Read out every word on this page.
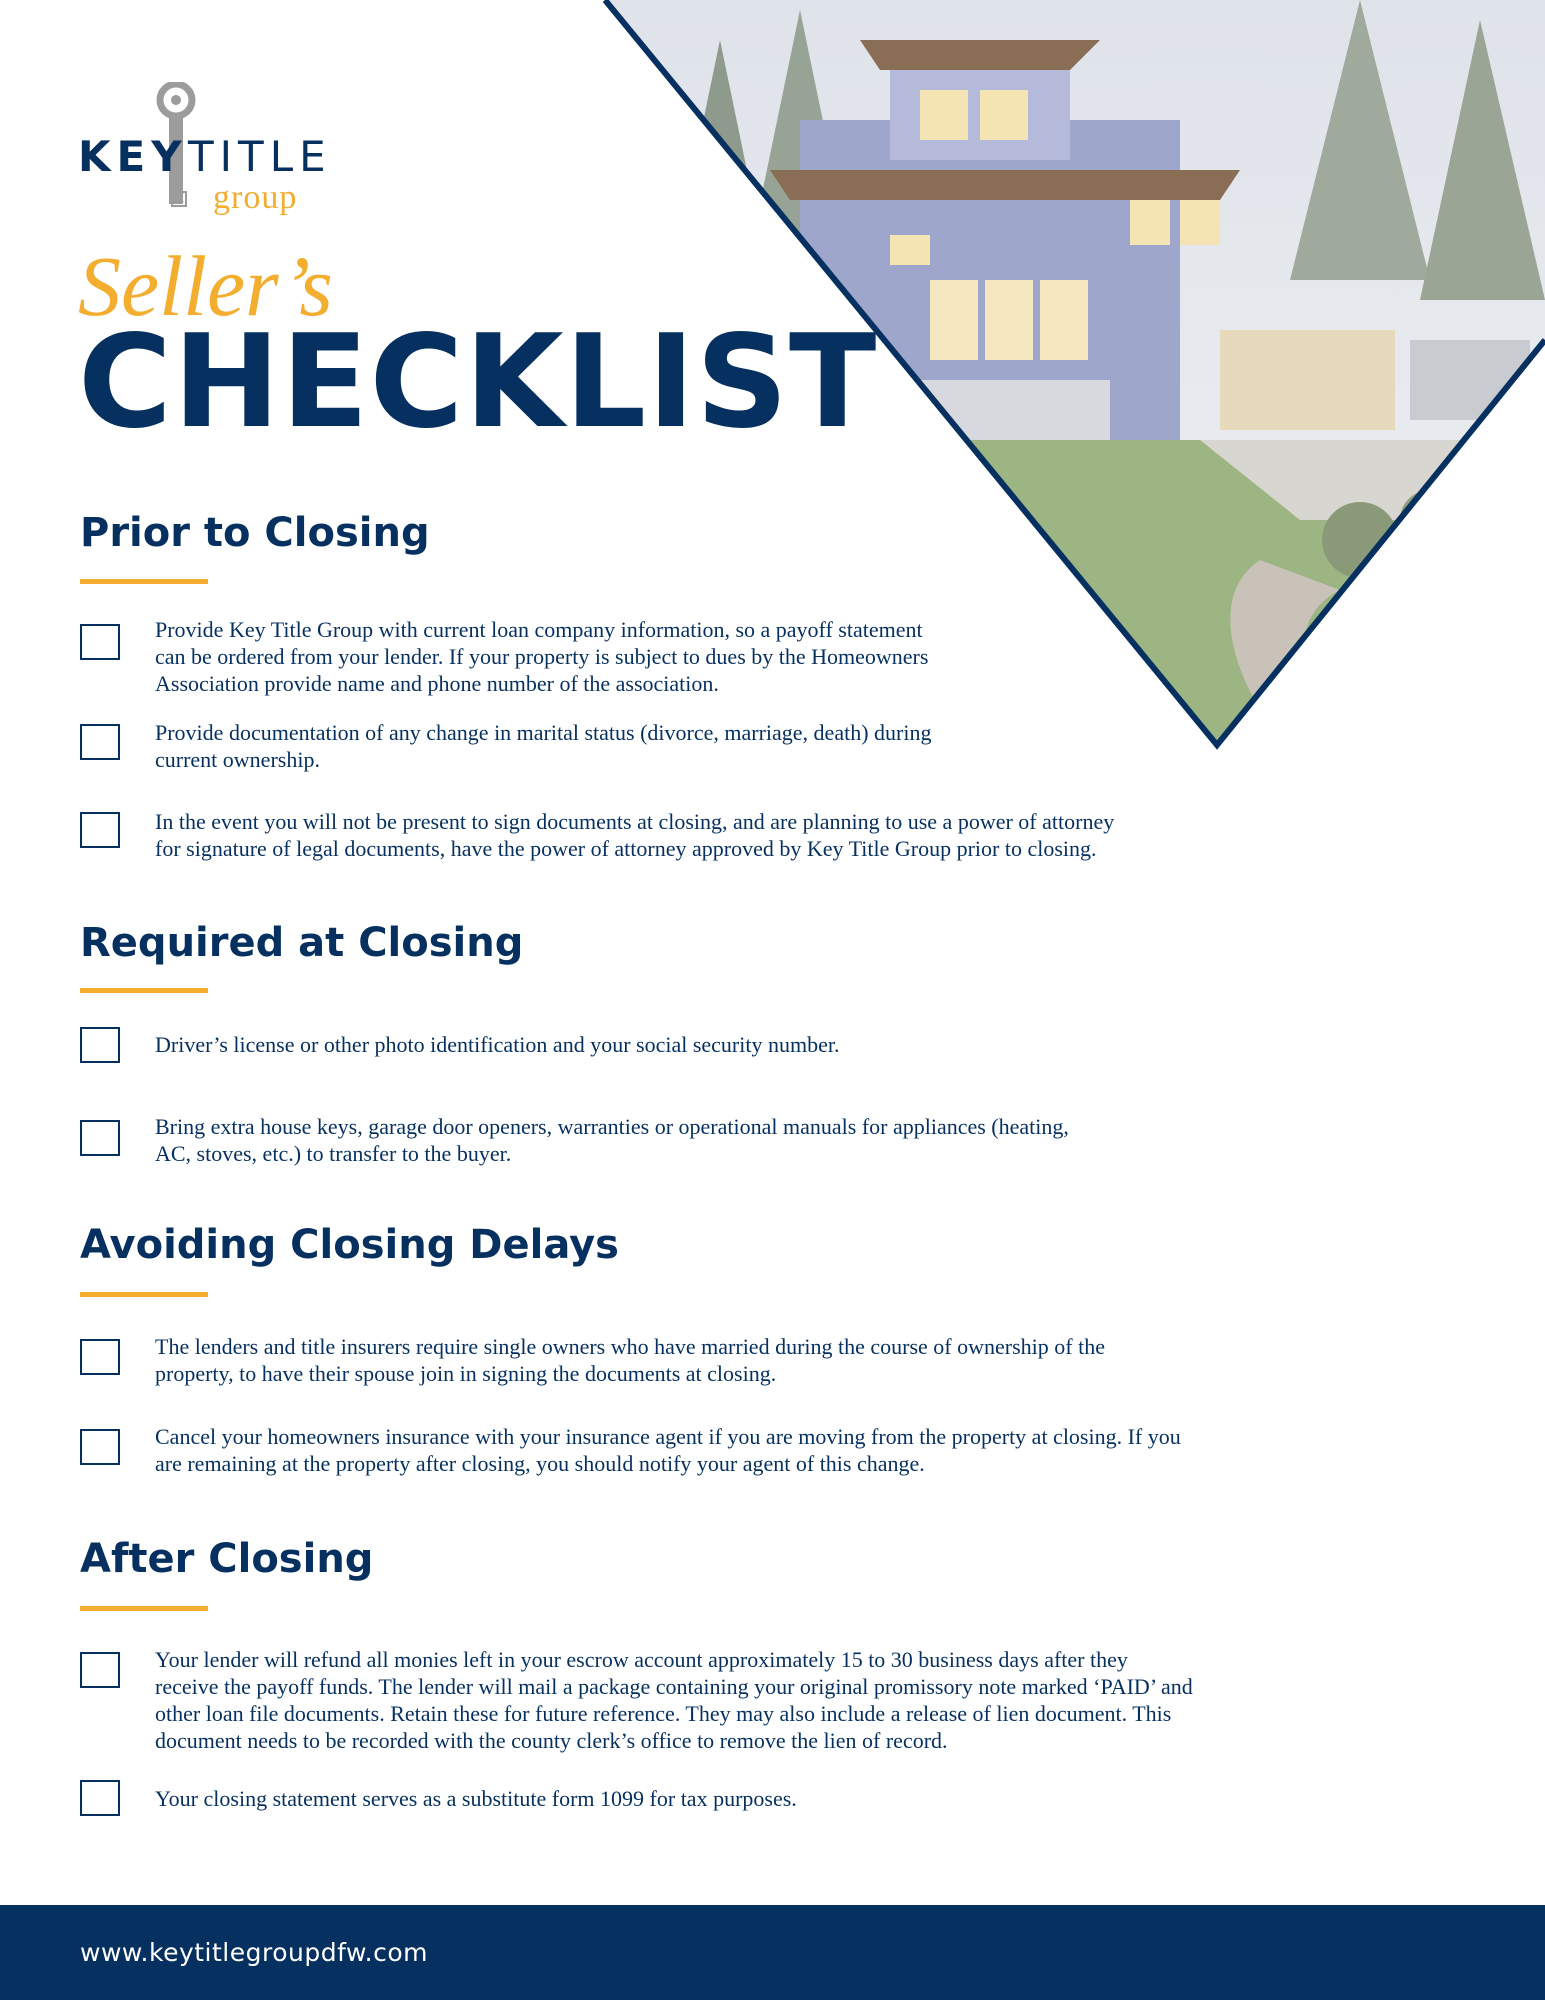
KEY TITLE
group
K
Seller’s
CHECKLIST
Prior to Closing
Provide Key Title Group with current loan company information, so a payoff statement
can be ordered from your lender. If your property is subject to dues by the Homeowners
Association provide name and phone number of the association.
Provide documentation of any change in marital status (divorce, marriage, death) during
current ownership.
In the event you will not be present to sign documents at closing, and are planning to use a power of attorney
for signature of legal documents, have the power of attorney approved by Key Title Group prior to closing.
Required at Closing
Driver’s license or other photo identification and your social security number.
Bring extra house keys, garage door openers, warranties or operational manuals for appliances (heating,
AC, stoves, etc.) to transfer to the buyer.
Avoiding Closing Delays
The lenders and title insurers require single owners who have married during the course of ownership of the
property, to have their spouse join in signing the documents at closing.
Cancel your homeowners insurance with your insurance agent if you are moving from the property at closing. If you
are remaining at the property after closing, you should notify your agent of this change.
After Closing
Your lender will refund all monies left in your escrow account approximately 15 to 30 business days after they
receive the payoff funds. The lender will mail a package containing your original promissory note marked ‘PAID’ and
other loan file documents. Retain these for future reference. They may also include a release of lien document. This
document needs to be recorded with the county clerk’s office to remove the lien of record.
Your closing statement serves as a substitute form 1099 for tax purposes.
www.keytitlegroupdfw.com
